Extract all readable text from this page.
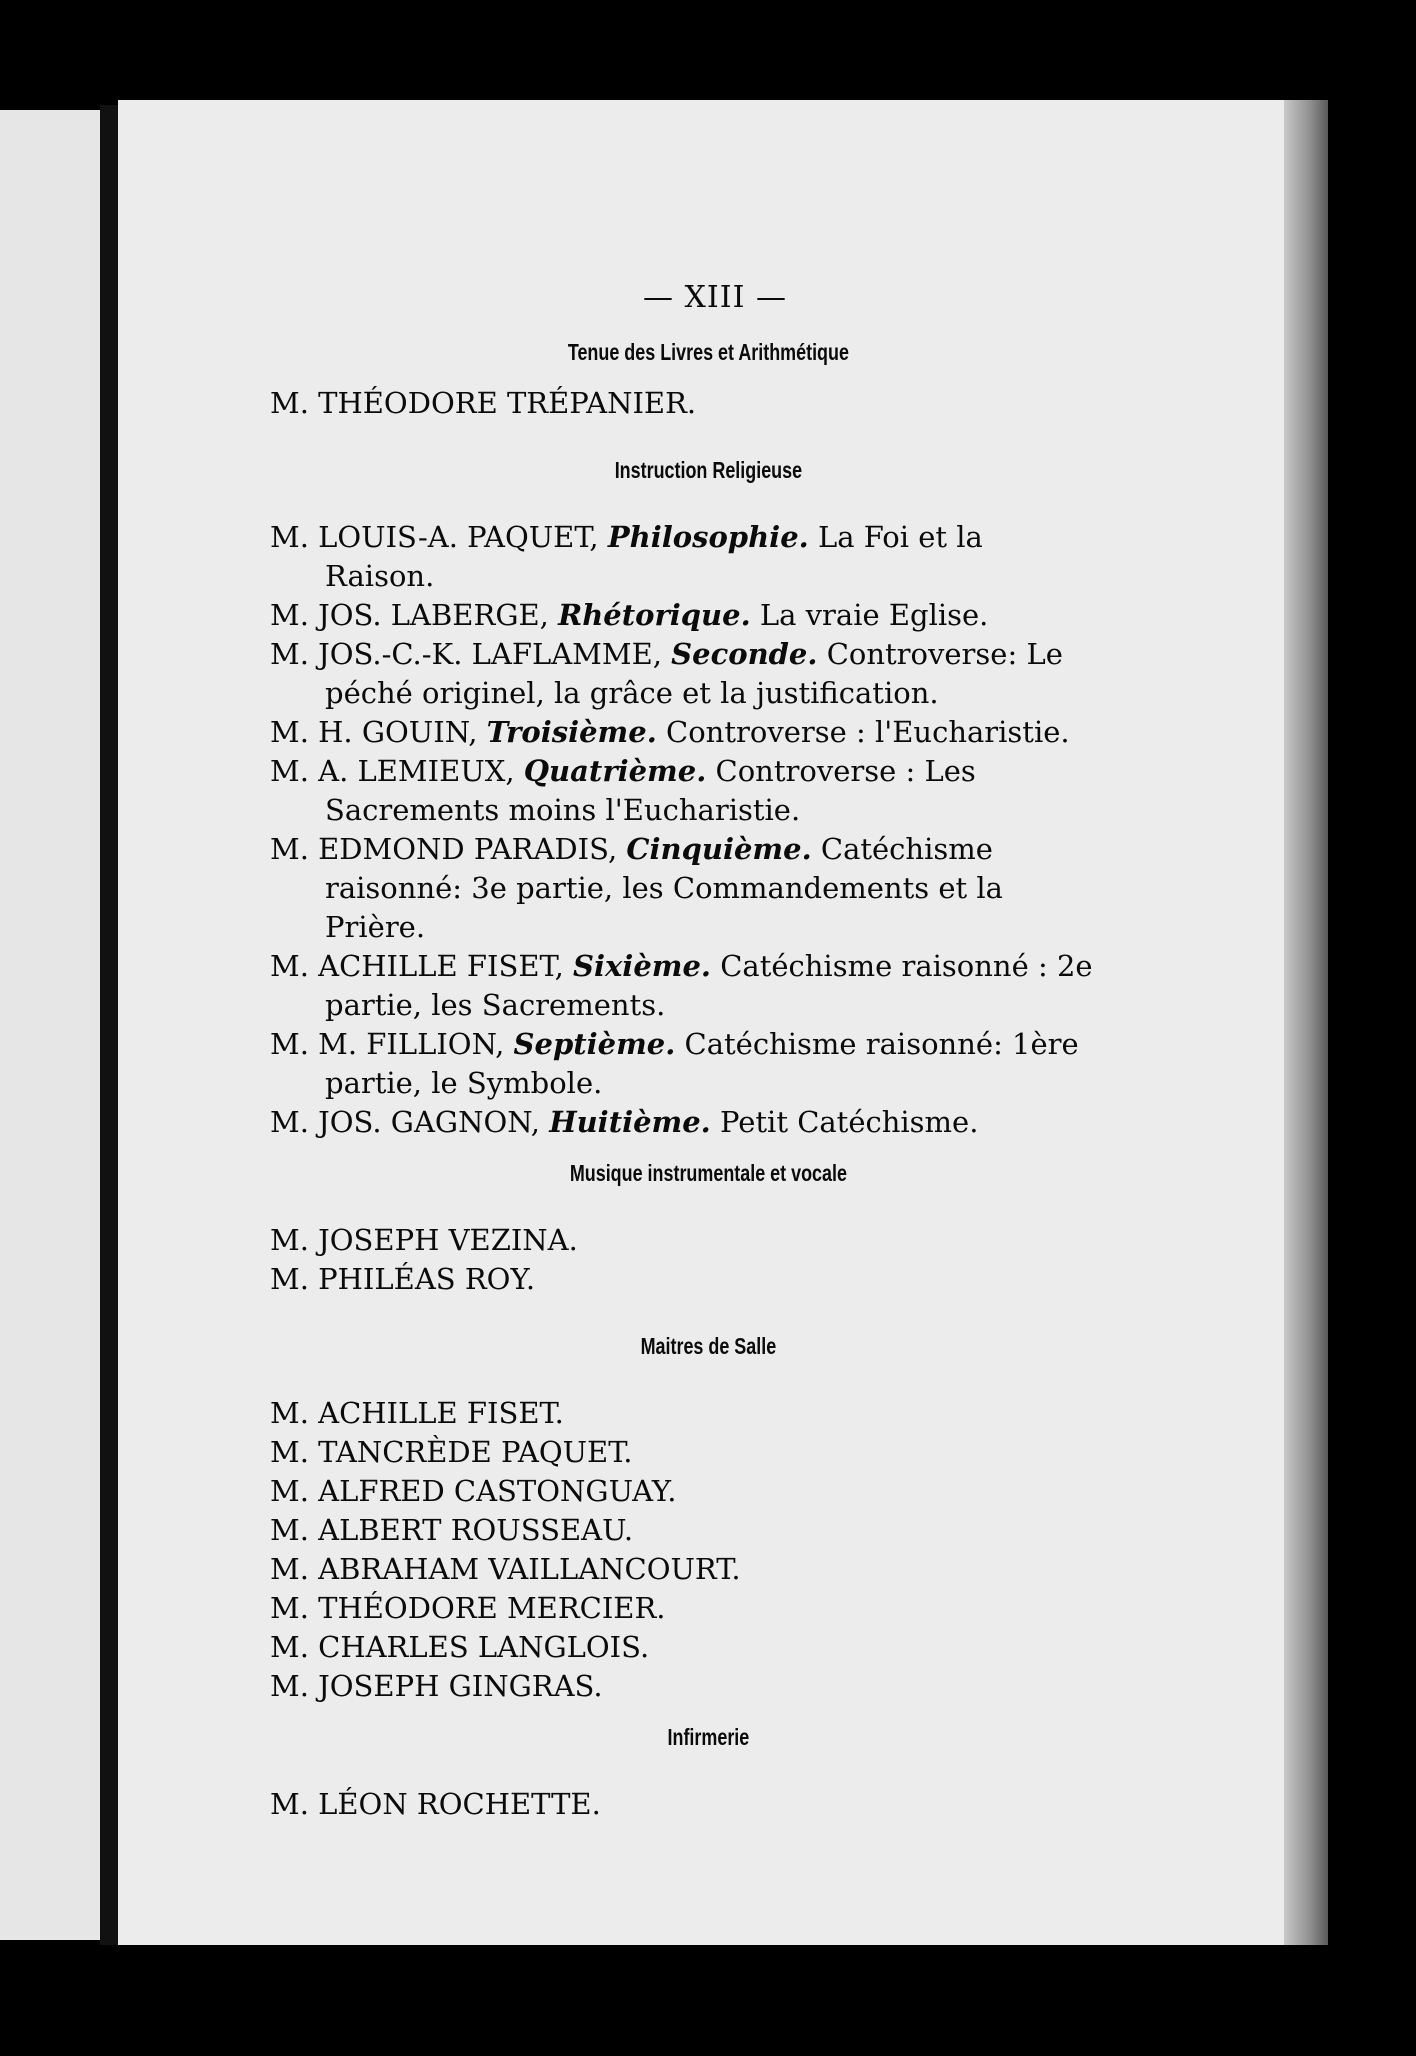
— XIII —

Tenue des Livres et Arithmétique

M. THÉODORE TRÉPANIER.

Instruction Religieuse

M. LOUIS-A. PAQUET, Philosophie. La Foi et la Raison.

M. JOS. LABERGE, Rhétorique. La vraie Eglise.

M. JOS.-C.-K. LAFLAMME, Seconde. Controverse: Le péché originel, la grâce et la justification.

M. H. GOUIN, Troisième. Controverse : l'Eucharistie.

M. A. LEMIEUX, Quatrième. Controverse : Les Sacrements moins l'Eucharistie.

M. EDMOND PARADIS, Cinquième. Catéchisme raisonné: 3e partie, les Commandements et la Prière.

M. ACHILLE FISET, Sixième. Catéchisme raisonné : 2e partie, les Sacrements.

M. M. FILLION, Septième. Catéchisme raisonné: 1ère partie, le Symbole.

M. JOS. GAGNON, Huitième. Petit Catéchisme.

Musique instrumentale et vocale

M. JOSEPH VEZINA.

M. PHILÉAS ROY.

Maitres de Salle

M. ACHILLE FISET.

M. TANCRÈDE PAQUET.

M. ALFRED CASTONGUAY.

M. ALBERT ROUSSEAU.

M. ABRAHAM VAILLANCOURT.

M. THÉODORE MERCIER.

M. CHARLES LANGLOIS.

M. JOSEPH GINGRAS.

Infirmerie

M. LÉON ROCHETTE.
